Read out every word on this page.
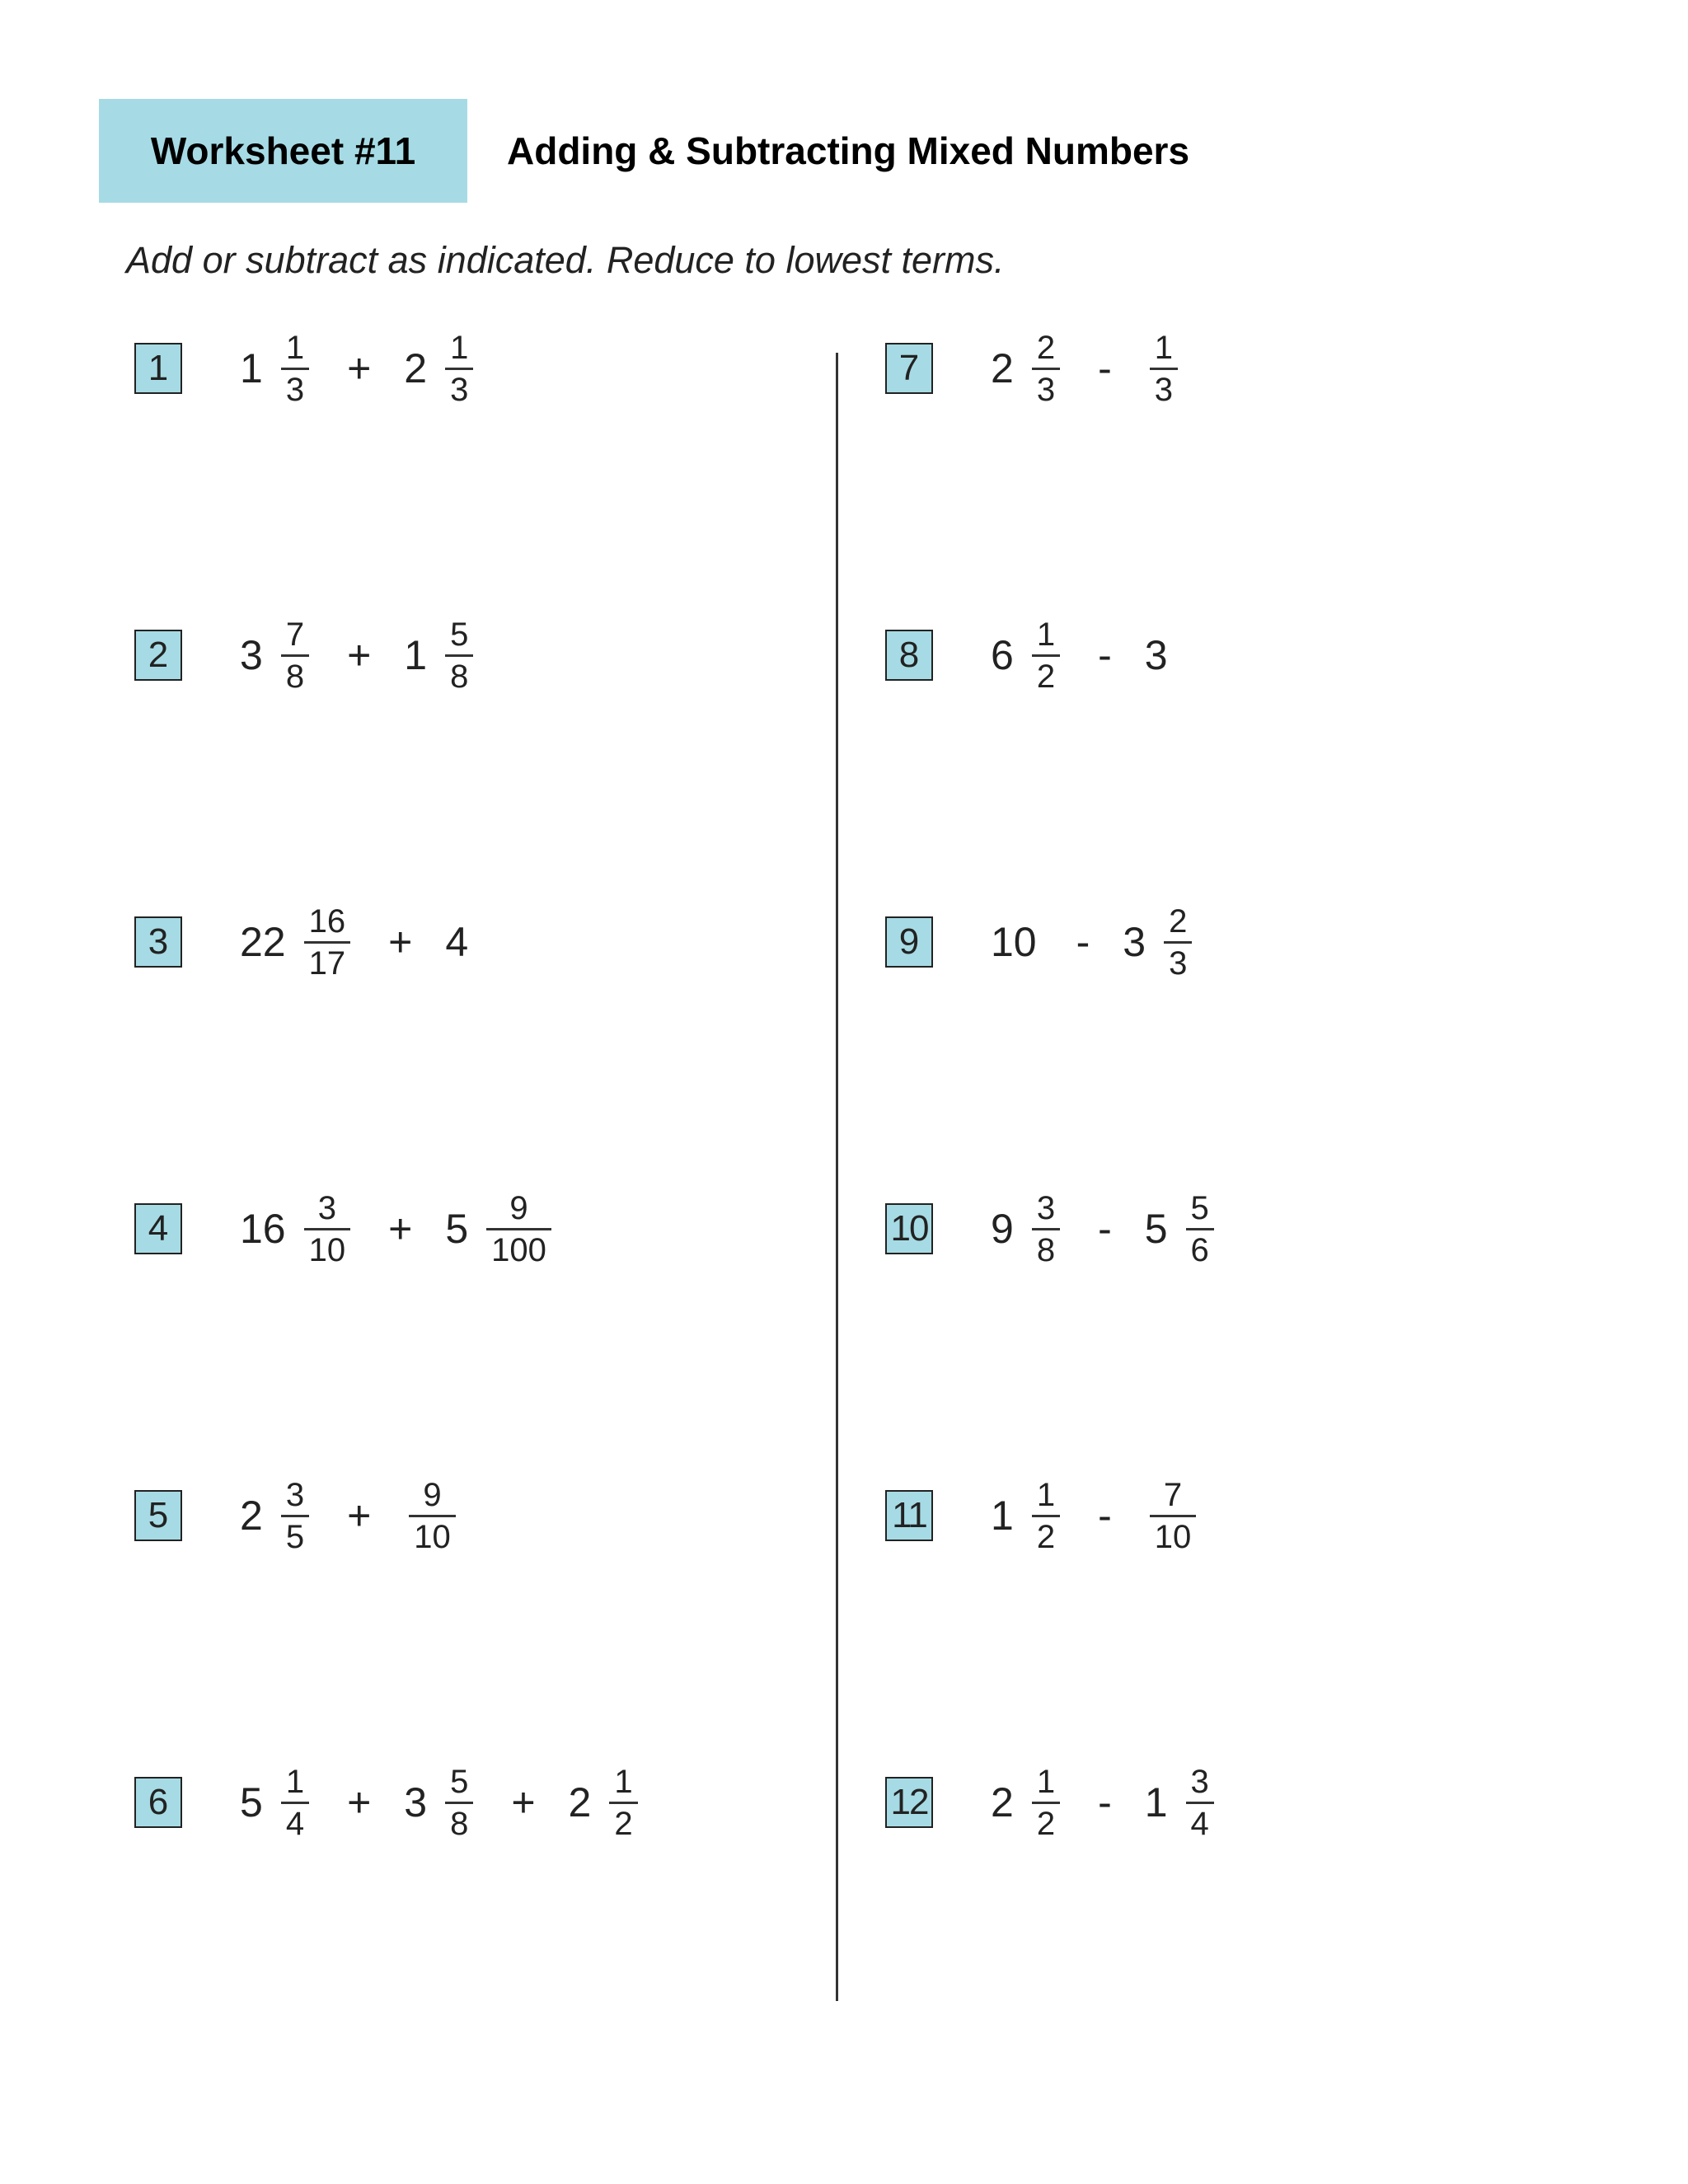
Worksheet #11	Adding & Subtracting Mixed Numbers
Add or subtract as indicated. Reduce to lowest terms.
1	$1 \frac{1}{3} + 2 \frac{1}{3}$
2	$3 \frac{7}{8} + 1 \frac{5}{8}$
3	$22 \frac{16}{17} + 4$
4	$16 \frac{3}{10} + 5 \frac{9}{100}$
5	$2 \frac{3}{5} + \frac{9}{10}$
6	$5 \frac{1}{4} + 3 \frac{5}{8} + 2 \frac{1}{2}$
7	$2 \frac{2}{3} - \frac{1}{3}$
8	$6 \frac{1}{2} - 3$
9	$10 - 3 \frac{2}{3}$
10 $9 \frac{3}{8} - 5 \frac{5}{6}$
11 $1 \frac{1}{2} - \frac{7}{10}$
12 $2 \frac{1}{2} - 1 \frac{3}{4}$
